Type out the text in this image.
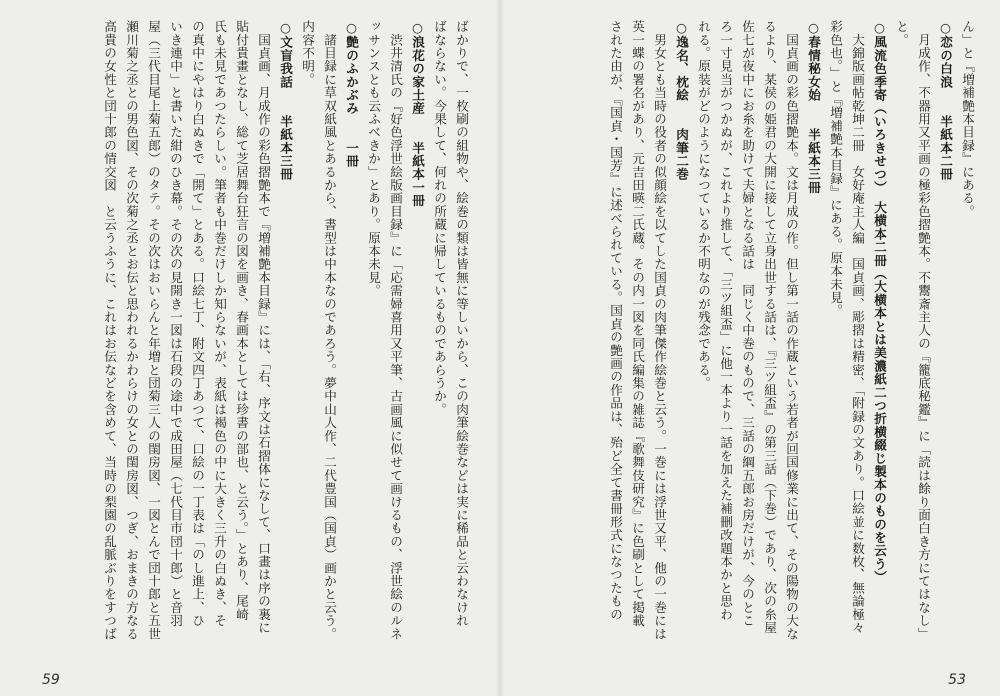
ばかりで、一枚刷の組物や、絵巻の類は皆無に等しいから、この肉筆絵巻などは実に稀品と云わなけれ

ばならない。今果して、何れの所蔵に帰しているものであらうか。

○浪花の家土産　　半紙本一冊

　渋井清氏の『好色浮世絵版画目録』に「応需婦喜用又平筆、古画風に似せて画けるもの、浮世絵のルネ

ッサンスとも云ふべきか」とあり。原本未見。

○艶のふかぶみ　　一冊

　諸目録に草双紙風とあるから、書型は中本なのであろう。夢中山人作、二代豊国（国貞）画かと云う。

内容不明。

○文盲我話　　半紙本三冊

　国貞画、月成作の彩色摺艶本で『増補艶本目録』には、「右、序文は石摺体になして、口畫は序の裏に

貼付貴畫となし、総て芝居舞台狂言の図を画き、春画本としては珍書の部也、と云う。」とあり、尾崎

氏も未見であつたらしい。筆者も中巻だけしか知らないが、表紙は褐色の中に大きく三升の白ぬき、そ

の真中にやはり白ぬきで「開て」とある。口絵七丁、附文四丁あつて、口絵の一丁表は「のし進上、ひ

いき連中」と書いた紺のひき幕。その次の見開き一図は石段の途中で成田屋（七代目市団十郎）と音羽

屋（三代目尾上菊五郎）のタテ。その次はおいらんと年増と団菊三人の閨房図、一図とんで団十郎と五世

瀬川菊之丞との男色図、その次菊之丞とお伝と思われるかわらけの女との閨房図、つぎ、おまきの方なる

高貴の女性と団十郎の情交図　と云うふうに、これはお伝などを含めて、当時の梨園の乱脈ぶりをすつば

59

ん」と『増補艶本目録』にある。

○恋の白浪　　半紙本二冊

　月成作、不器用又平画の極彩色摺艶本。不鬻斎主人の『籠底秘鑑』に「読は餘り面白き方にてはなし」

と。

○風流色季寄（いろきせつ）　大横本二冊（大横本とは美濃紙二つ折横綴じ製本のものを云う）

　大錦版画帖乾坤二冊　女好庵主人編　国貞画、彫摺は精密、「附録の文あり。口絵並に数枚、無論極々

彩色也。」と『増補艶本目録』にある。原本未見。

○春情秘女始　　半紙本三冊

　国貞画の彩色摺艶本。文は月成の作。但し第一話の作蔵という若者が回国修業に出て、その陽物の大な

るより、某侯の姫君の大開に接して立身出世する話は、『三ツ組盃』の第三話（下巻）であり、次の糸屋

佐七が夜中にお糸を助けて夫婦となる話は　同じく中巻のもので、三話の綱五郎お房だけが、今のとこ

ろ一寸見当がつかぬが、これより推して、「三ツ組盃」に他一本より一話を加えた補刪改題本かと思わ

れる。原装がどのようになつているか不明なのが残念である。

○逸名、枕絵　　肉筆二巻

　男女とも当時の役者の似顔絵を以てした国貞の肉筆傑作絵巻と云う。一巻には浮世又平、他の一巻には

英一蝶の署名があり、元吉田暎二氏蔵。その内一図を同氏編集の雑誌『歌舞伎研究』に色刷として掲載

された由が、『国貞・国芳』に述べられている。国貞の艶画の作品は、殆ど全て書冊形式になつたもの

53
